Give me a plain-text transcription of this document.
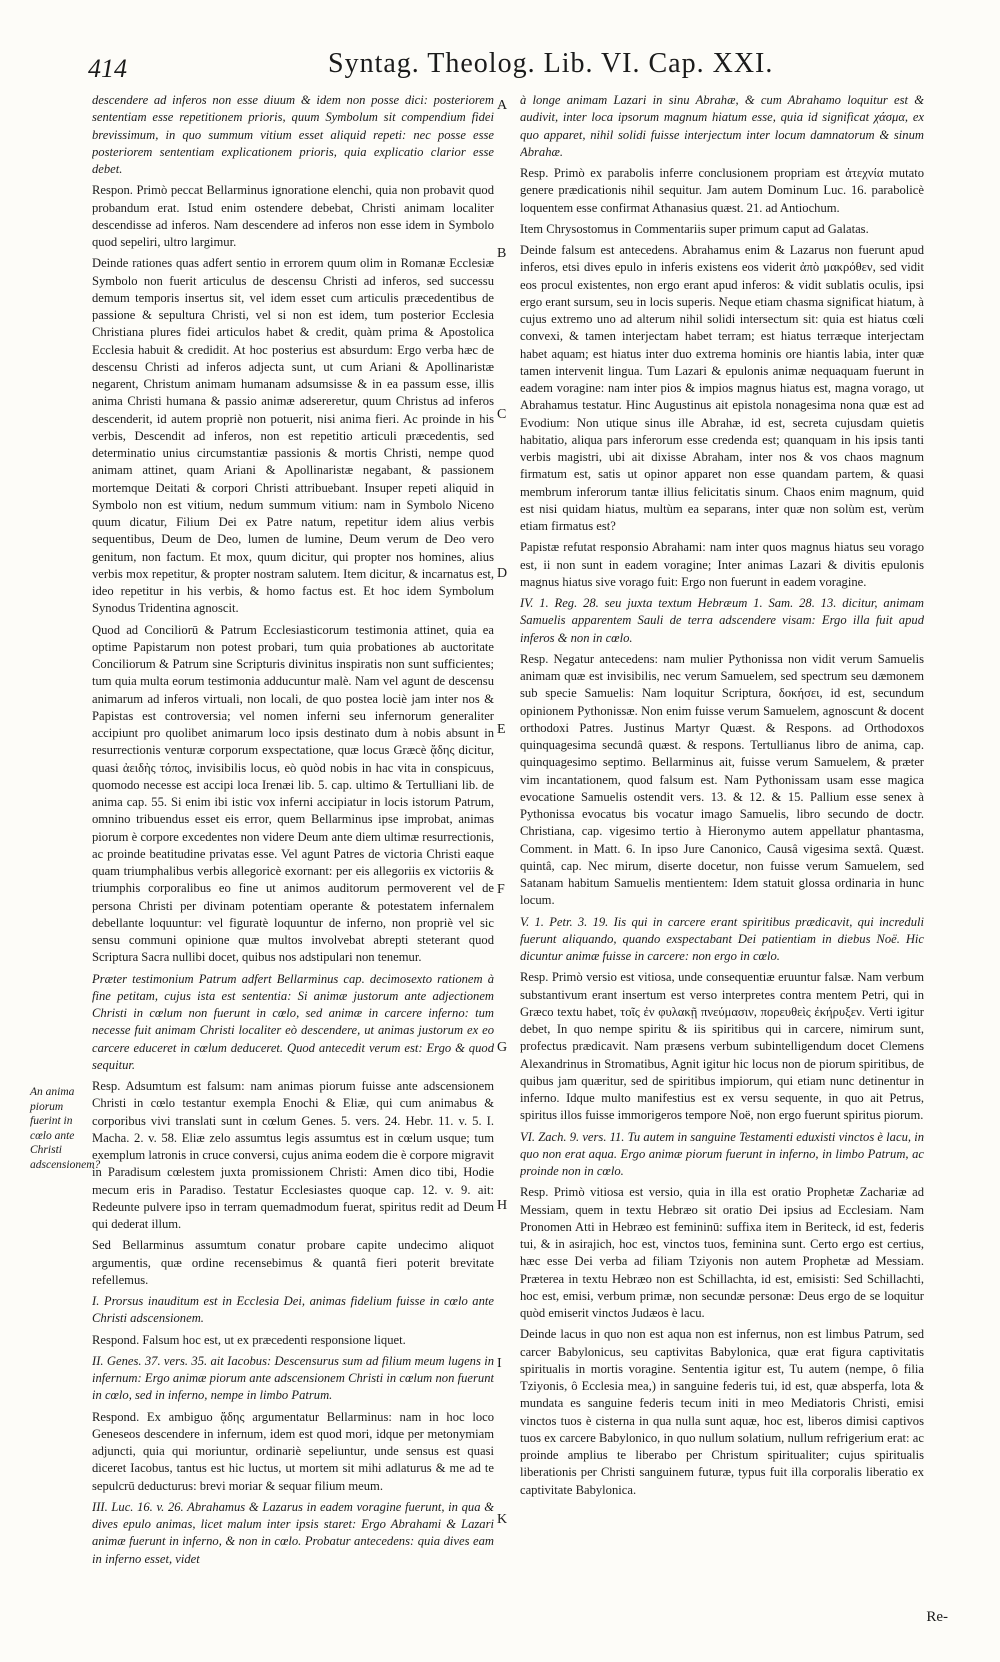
414	Syntag. Theolog. Lib. VI. Cap. XXI.
An anima piorum fuerint in cœlo ante Christi adscensionem?
A
B
C
D
E
F
G
H
I
K

descendere ad inferos non esse diuum & idem non posse dici: posteriorem sententiam esse repetitionem prioris, quum Symbolum sit compendium fidei brevissimum, in quo summum vitium esset aliquid repeti: nec posse esse posteriorem sententiam explicationem prioris, quia explicatio clarior esse debet.

Respon. Primò peccat Bellarminus ignoratione elenchi, quia non probavit quod probandum erat. Istud enim ostendere debebat, Christi animam localiter descendisse ad inferos. Nam descendere ad inferos non esse idem in Symbolo quod sepeliri, ultro largimur.

Deinde rationes quas adfert sentio in errorem quum olim in Romanæ Ecclesiæ Symbolo non fuerit articulus de descensu Christi ad inferos, sed successu demum temporis insertus sit, vel idem esset cum articulis præcedentibus de passione & sepultura Christi, vel si non est idem, tum posterior Ecclesia Christiana plures fidei articulos habet & credit, quàm prima & Apostolica Ecclesia habuit & credidit. At hoc posterius est absurdum: Ergo verba hæc de descensu Christi ad inferos adjecta sunt, ut cum Ariani & Apollinaristæ negarent, Christum animam humanam adsumsisse & in ea passum esse, illis anima Christi humana & passio animæ adsereretur, quum Christus ad inferos descenderit, id autem propriè non potuerit, nisi anima fieri. Ac proinde in his verbis, Descendit ad inferos, non est repetitio articuli præcedentis, sed determinatio unius circumstantiæ passionis & mortis Christi, nempe quod animam attinet, quam Ariani & Apollinaristæ negabant, & passionem mortemque Deitati & corpori Christi attribuebant. Insuper repeti aliquid in Symbolo non est vitium, nedum summum vitium: nam in Symbolo Niceno quum dicatur, Filium Dei ex Patre natum, repetitur idem alius verbis sequentibus, Deum de Deo, lumen de lumine, Deum verum de Deo vero genitum, non factum. Et mox, quum dicitur, qui propter nos homines, alius verbis mox repetitur, & propter nostram salutem. Item dicitur, & incarnatus est, ideo repetitur in his verbis, & homo factus est. Et hoc idem Symbolum Synodus Tridentina agnoscit.

Quod ad Conciliorū & Patrum Ecclesiasticorum testimonia attinet, quia ea optime Papistarum non potest probari, tum quia probationes ab auctoritate Conciliorum & Patrum sine Scripturis divinitus inspiratis non sunt sufficientes; tum quia multa eorum testimonia adducuntur malè. Nam vel agunt de descensu animarum ad inferos virtuali, non locali, de quo postea lociè jam inter nos & Papistas est controversia; vel nomen inferni seu infernorum generaliter accipiunt pro quolibet animarum loco ipsis destinato dum à nobis absunt in resurrectionis venturæ corporum exspectatione, quæ locus Græcè ᾅδης dicitur, quasi ἀειδὴς τόπος, invisibilis locus, eò quòd nobis in hac vita in conspicuus, quomodo necesse est accipi loca Irenæi lib. 5. cap. ultimo & Tertulliani lib. de anima cap. 55. Si enim ibi istic vox inferni accipiatur in locis istorum Patrum, omnino tribuendus esset eis error, quem Bellarminus ipse improbat, animas piorum è corpore excedentes non videre Deum ante diem ultimæ resurrectionis, ac proinde beatitudine privatas esse. Vel agunt Patres de victoria Christi eaque quam triumphalibus verbis allegoricè exornant: per eis allegoriis ex victoriis & triumphis corporalibus eo fine ut animos auditorum permoverent vel de persona Christi per divinam potentiam operante & potestatem infernalem debellante loquuntur: vel figuratè loquuntur de inferno, non propriè vel sic sensu communi opinione quæ multos involvebat abrepti steterant quod Scriptura Sacra nullibi docet, quibus nos adstipulari non tenemur.

Præter testimonium Patrum adfert Bellarminus cap. decimosexto rationem à fine petitam, cujus ista est sententia: Si animæ justorum ante adjectionem Christi in cœlum non fuerunt in cœlo, sed animæ in carcere inferno: tum necesse fuit animam Christi localiter eò descendere, ut animas justorum ex eo carcere educeret in cœlum deduceret. Quod antecedit verum est: Ergo & quod sequitur.

Resp. Adsumtum est falsum: nam animas piorum fuisse ante adscensionem Christi in cœlo testantur exempla Enochi & Eliæ, qui cum animabus & corporibus vivi translati sunt in cœlum Genes. 5. vers. 24. Hebr. 11. v. 5. I. Macha. 2. v. 58. Eliæ zelo assumtus legis assumtus est in cœlum usque; tum exemplum latronis in cruce conversi, cujus anima eodem die è corpore migravit in Paradisum cœlestem juxta promissionem Christi: Amen dico tibi, Hodie mecum eris in Paradiso. Testatur Ecclesiastes quoque cap. 12. v. 9. ait: Redeunte pulvere ipso in terram quemadmodum fuerat, spiritus redit ad Deum qui dederat illum.

Sed Bellarminus assumtum conatur probare capite undecimo aliquot argumentis, quæ ordine recensebimus & quantâ fieri poterit brevitate refellemus.

I. Prorsus inauditum est in Ecclesia Dei, animas fidelium fuisse in cœlo ante Christi adscensionem.

Respond. Falsum hoc est, ut ex præcedenti responsione liquet.

II. Genes. 37. vers. 35. ait Iacobus: Descensurus sum ad filium meum lugens in infernum: Ergo animæ piorum ante adscensionem Christi in cœlum non fuerunt in cœlo, sed in inferno, nempe in limbo Patrum.

Respond. Ex ambiguo ᾅδης argumentatur Bellarminus: nam in hoc loco Geneseos descendere in infernum, idem est quod mori, idque per metonymiam adjuncti, quia qui moriuntur, ordinariè sepeliuntur, unde sensus est quasi diceret Iacobus, tantus est hic luctus, ut mortem sit mihi adlaturus & me ad te sepulcrū deducturus: brevi moriar & sequar filium meum.

III. Luc. 16. v. 26. Abrahamus & Lazarus in eadem voragine fuerunt, in qua & dives epulo animas, licet malum inter ipsis staret: Ergo Abrahami & Lazari animæ fuerunt in inferno, & non in cœlo. Probatur antecedens: quia dives eam in inferno esset, videt

à longe animam Lazari in sinu Abrahæ, & cum Abrahamo loquitur est & audivit, inter loca ipsorum magnum hiatum esse, quia id significat χάσμα, ex quo apparet, nihil solidi fuisse interjectum inter locum damnatorum & sinum Abrahæ.

Resp. Primò ex parabolis inferre conclusionem propriam est ἀτεχνία mutato genere prædicationis nihil sequitur. Jam autem Dominum Luc. 16. parabolicè loquentem esse confirmat Athanasius quæst. 21. ad Antiochum.

Item Chrysostomus in Commentariis super primum caput ad Galatas.

Deinde falsum est antecedens. Abrahamus enim & Lazarus non fuerunt apud inferos, etsi dives epulo in inferis existens eos viderit ἀπὸ μακρόθεν, sed vidit eos procul existentes, non ergo erant apud inferos: & vidit sublatis oculis, ipsi ergo erant sursum, seu in locis superis. Neque etiam chasma significat hiatum, à cujus extremo uno ad alterum nihil solidi intersectum sit: quia est hiatus cœli convexi, & tamen interjectam habet terram; est hiatus terræque interjectam habet aquam; est hiatus inter duo extrema hominis ore hiantis labia, inter quæ tamen intervenit lingua. Tum Lazari & epulonis animæ nequaquam fuerunt in eadem voragine: nam inter pios & impios magnus hiatus est, magna vorago, ut Abrahamus testatur. Hinc Augustinus ait epistola nonagesima nona quæ est ad Evodium: Non utique sinus ille Abrahæ, id est, secreta cujusdam quietis habitatio, aliqua pars inferorum esse credenda est; quanquam in his ipsis tanti verbis magistri, ubi ait dixisse Abraham, inter nos & vos chaos magnum firmatum est, satis ut opinor apparet non esse quandam partem, & quasi membrum inferorum tantæ illius felicitatis sinum. Chaos enim magnum, quid est nisi quidam hiatus, multùm ea separans, inter quæ non solùm est, verùm etiam firmatus est?

Papistæ refutat responsio Abrahami: nam inter quos magnus hiatus seu vorago est, ii non sunt in eadem voragine; Inter animas Lazari & divitis epulonis magnus hiatus sive vorago fuit: Ergo non fuerunt in eadem voragine.

IV. 1. Reg. 28. seu juxta textum Hebræum 1. Sam. 28. 13. dicitur, animam Samuelis apparentem Sauli de terra adscendere visam: Ergo illa fuit apud inferos & non in cœlo.

Resp. Negatur antecedens: nam mulier Pythonissa non vidit verum Samuelis animam quæ est invisibilis, nec verum Samuelem, sed spectrum seu dæmonem sub specie Samuelis: Nam loquitur Scriptura, δοκήσει, id est, secundum opinionem Pythonissæ. Non enim fuisse verum Samuelem, agnoscunt & docent orthodoxi Patres. Justinus Martyr Quæst. & Respons. ad Orthodoxos quinquagesima secundâ quæst. & respons. Tertullianus libro de anima, cap. quinquagesimo septimo. Bellarminus ait, fuisse verum Samuelem, & præter vim incantationem, quod falsum est. Nam Pythonissam usam esse magica evocatione Samuelis ostendit vers. 13. & 12. & 15. Pallium esse senex à Pythonissa evocatus bis vocatur imago Samuelis, libro secundo de doctr. Christiana, cap. vigesimo tertio à Hieronymo autem appellatur phantasma, Comment. in Matt. 6. In ipso Jure Canonico, Causâ vigesima sextâ. Quæst. quintâ, cap. Nec mirum, diserte docetur, non fuisse verum Samuelem, sed Satanam habitum Samuelis mentientem: Idem statuit glossa ordinaria in hunc locum.

V. 1. Petr. 3. 19. Iis qui in carcere erant spiritibus prædicavit, qui increduli fuerunt aliquando, quando exspectabant Dei patientiam in diebus Noë. Hic dicuntur animæ fuisse in carcere: non ergo in cœlo.

Resp. Primò versio est vitiosa, unde consequentiæ eruuntur falsæ. Nam verbum substantivum erant insertum est verso interpretes contra mentem Petri, qui in Græco textu habet, τοῖς ἐν φυλακῇ πνεύμασιν, πορευθεὶς ἐκήρυξεν. Verti igitur debet, In quo nempe spiritu & iis spiritibus qui in carcere, nimirum sunt, profectus prædicavit. Nam præsens verbum subintelligendum docet Clemens Alexandrinus in Stromatibus, Agnit igitur hic locus non de piorum spiritibus, de quibus jam quæritur, sed de spiritibus impiorum, qui etiam nunc detinentur in inferno. Idque multo manifestius est ex versu sequente, in quo ait Petrus, spiritus illos fuisse immorigeros tempore Noë, non ergo fuerunt spiritus piorum.

VI. Zach. 9. vers. 11. Tu autem in sanguine Testamenti eduxisti vinctos è lacu, in quo non erat aqua. Ergo animæ piorum fuerunt in inferno, in limbo Patrum, ac proinde non in cœlo.

Resp. Primò vitiosa est versio, quia in illa est oratio Prophetæ Zachariæ ad Messiam, quem in textu Hebræo sit oratio Dei ipsius ad Ecclesiam. Nam Pronomen Atti in Hebræo est femininū: suffixa item in Beriteck, id est, federis tui, & in asirajich, hoc est, vinctos tuos, feminina sunt. Certo ergo est certius, hæc esse Dei verba ad filiam Tziyonis non autem Prophetæ ad Messiam. Præterea in textu Hebræo non est Schillachta, id est, emisisti: Sed Schillachti, hoc est, emisi, verbum primæ, non secundæ personæ: Deus ergo de se loquitur quòd emiserit vinctos Judæos è lacu.

Deinde lacus in quo non est aqua non est infernus, non est limbus Patrum, sed carcer Babylonicus, seu captivitas Babylonica, quæ erat figura captivitatis spiritualis in mortis voragine. Sententia igitur est, Tu autem (nempe, ô filia Tziyonis, ô Ecclesia mea,) in sanguine federis tui, id est, quæ absperfa, lota & mundata es sanguine federis tecum initi in meo Mediatoris Christi, emisi vinctos tuos è cisterna in qua nulla sunt aquæ, hoc est, liberos dimisi captivos tuos ex carcere Babylonico, in quo nullum solatium, nullum refrigerium erat: ac proinde amplius te liberabo per Christum spiritualiter; cujus spiritualis liberationis per Christi sanguinem futuræ, typus fuit illa corporalis liberatio ex captivitate Babylonica.

Re-
